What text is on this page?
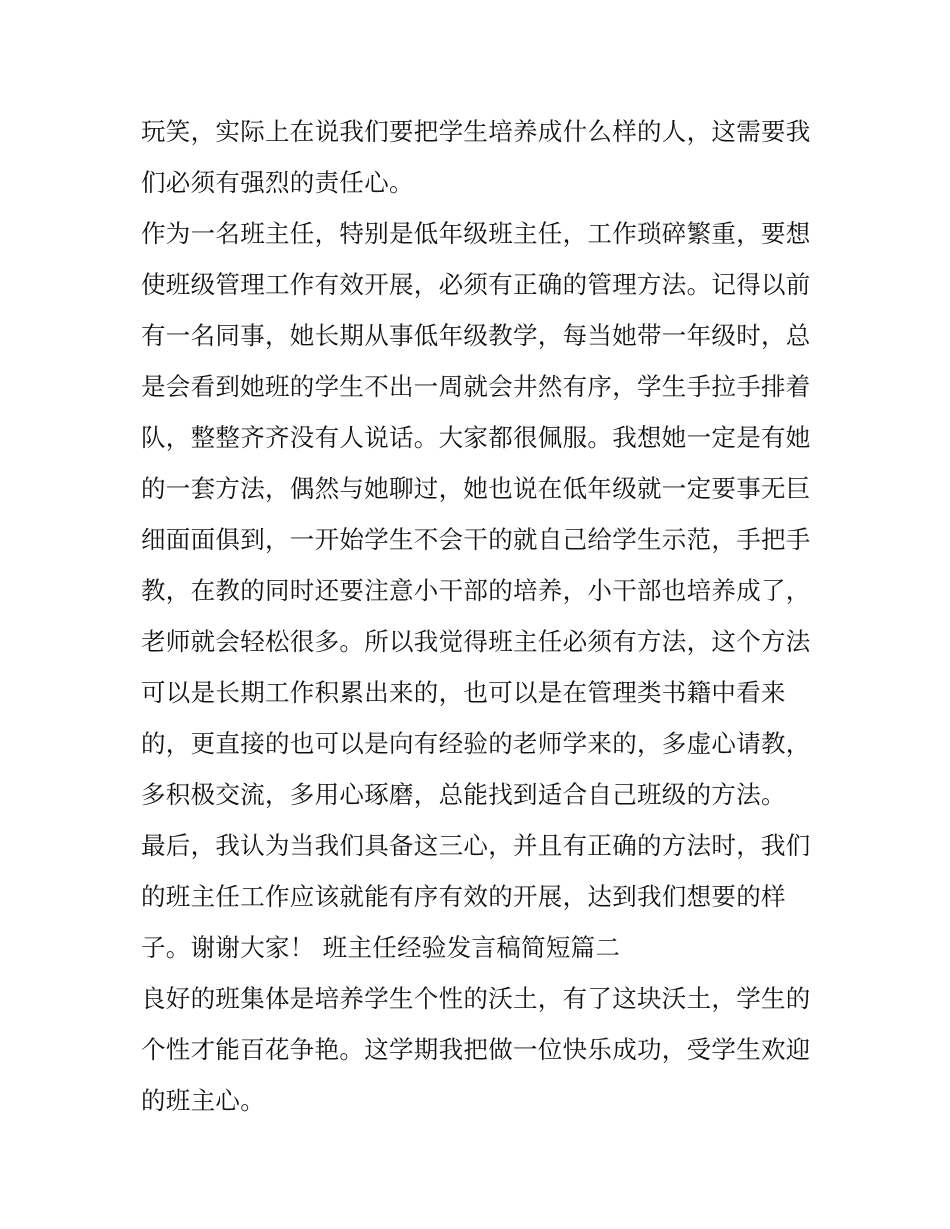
玩笑，实际上在说我们要把学生培养成什么样的人，这需要我
们必须有强烈的责任心。
作为一名班主任，特别是低年级班主任，工作琐碎繁重，要想
使班级管理工作有效开展，必须有正确的管理方法。记得以前
有一名同事，她长期从事低年级教学，每当她带一年级时，总
是会看到她班的学生不出一周就会井然有序，学生手拉手排着
队，整整齐齐没有人说话。大家都很佩服。我想她一定是有她
的一套方法，偶然与她聊过，她也说在低年级就一定要事无巨
细面面俱到，一开始学生不会干的就自己给学生示范，手把手
教，在教的同时还要注意小干部的培养，小干部也培养成了，
老师就会轻松很多。所以我觉得班主任必须有方法，这个方法
可以是长期工作积累出来的，也可以是在管理类书籍中看来
的，更直接的也可以是向有经验的老师学来的，多虚心请教，
多积极交流，多用心琢磨，总能找到适合自己班级的方法。
最后，我认为当我们具备这三心，并且有正确的方法时，我们
的班主任工作应该就能有序有效的开展，达到我们想要的样
子。谢谢大家！ 班主任经验发言稿简短篇二
良好的班集体是培养学生个性的沃土，有了这块沃土，学生的
个性才能百花争艳。这学期我把做一位快乐成功，受学生欢迎
的班主心。
